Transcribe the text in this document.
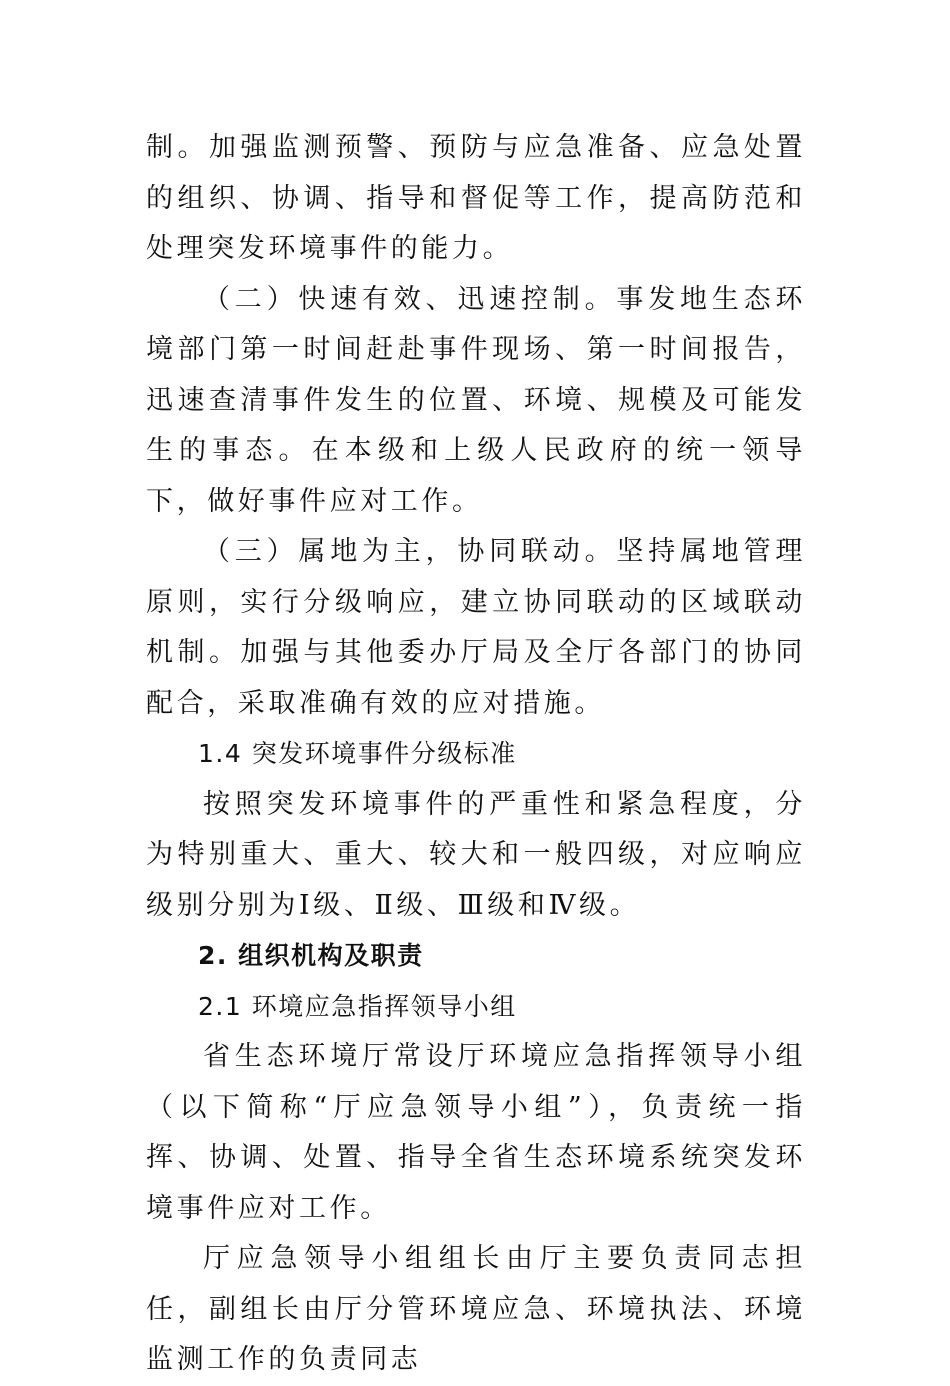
制。加强监测预警、预防与应急准备、应急处置的组织、协调、指导和督促等工作，提高防范和处理突发环境事件的能力。

（二）快速有效、迅速控制。事发地生态环境部门第一时间赶赴事件现场、第一时间报告，迅速查清事件发生的位置、环境、规模及可能发生的事态。在本级和上级人民政府的统一领导下，做好事件应对工作。

（三）属地为主，协同联动。坚持属地管理原则，实行分级响应，建立协同联动的区域联动机制。加强与其他委办厅局及全厅各部门的协同配合，采取准确有效的应对措施。

1.4 突发环境事件分级标准

按照突发环境事件的严重性和紧急程度，分为特别重大、重大、较大和一般四级，对应响应级别分别为Ⅰ级、Ⅱ级、Ⅲ级和Ⅳ级。

2. 组织机构及职责

2.1 环境应急指挥领导小组

省生态环境厅常设厅环境应急指挥领导小组（以下简称“厅应急领导小组”），负责统一指挥、协调、处置、指导全省生态环境系统突发环境事件应对工作。

厅应急领导小组组长由厅主要负责同志担任，副组长由厅分管环境应急、环境执法、环境监测工作的负责同志
